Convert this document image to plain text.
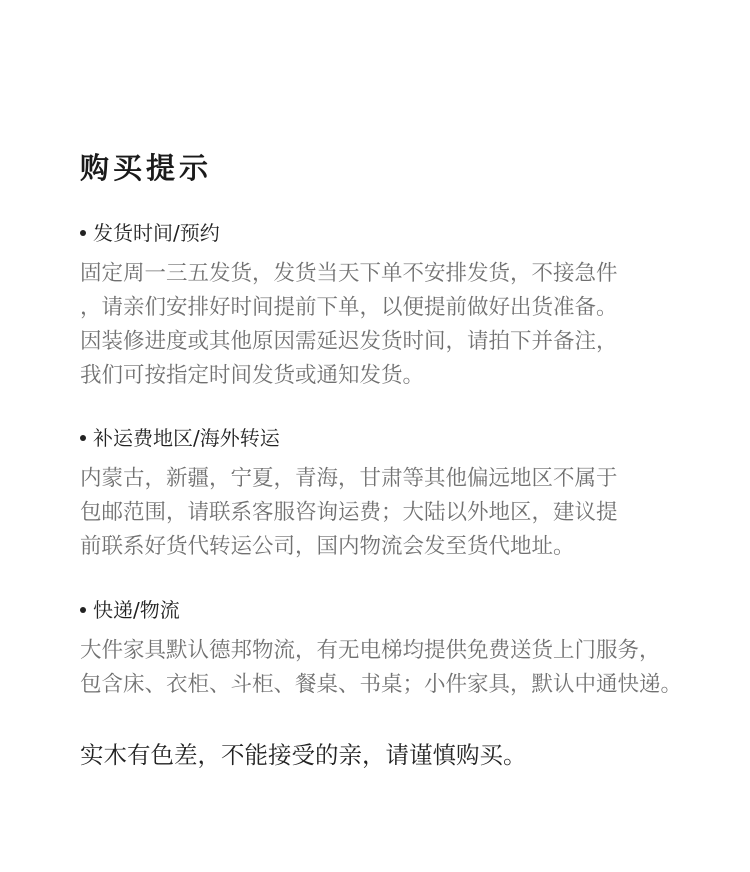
购买提示
发货时间/预约
固定周一三五发货，发货当天下单不安排发货，不接急件
，请亲们安排好时间提前下单，以便提前做好出货准备。
因装修进度或其他原因需延迟发货时间，请拍下并备注，
我们可按指定时间发货或通知发货。
补运费地区/海外转运
内蒙古，新疆，宁夏，青海，甘肃等其他偏远地区不属于
包邮范围，请联系客服咨询运费；大陆以外地区，建议提
前联系好货代转运公司，国内物流会发至货代地址。
快递/物流
大件家具默认德邦物流，有无电梯均提供免费送货上门服务，
包含床、衣柜、斗柜、餐桌、书桌；小件家具，默认中通快递。
实木有色差，不能接受的亲，请谨慎购买。
